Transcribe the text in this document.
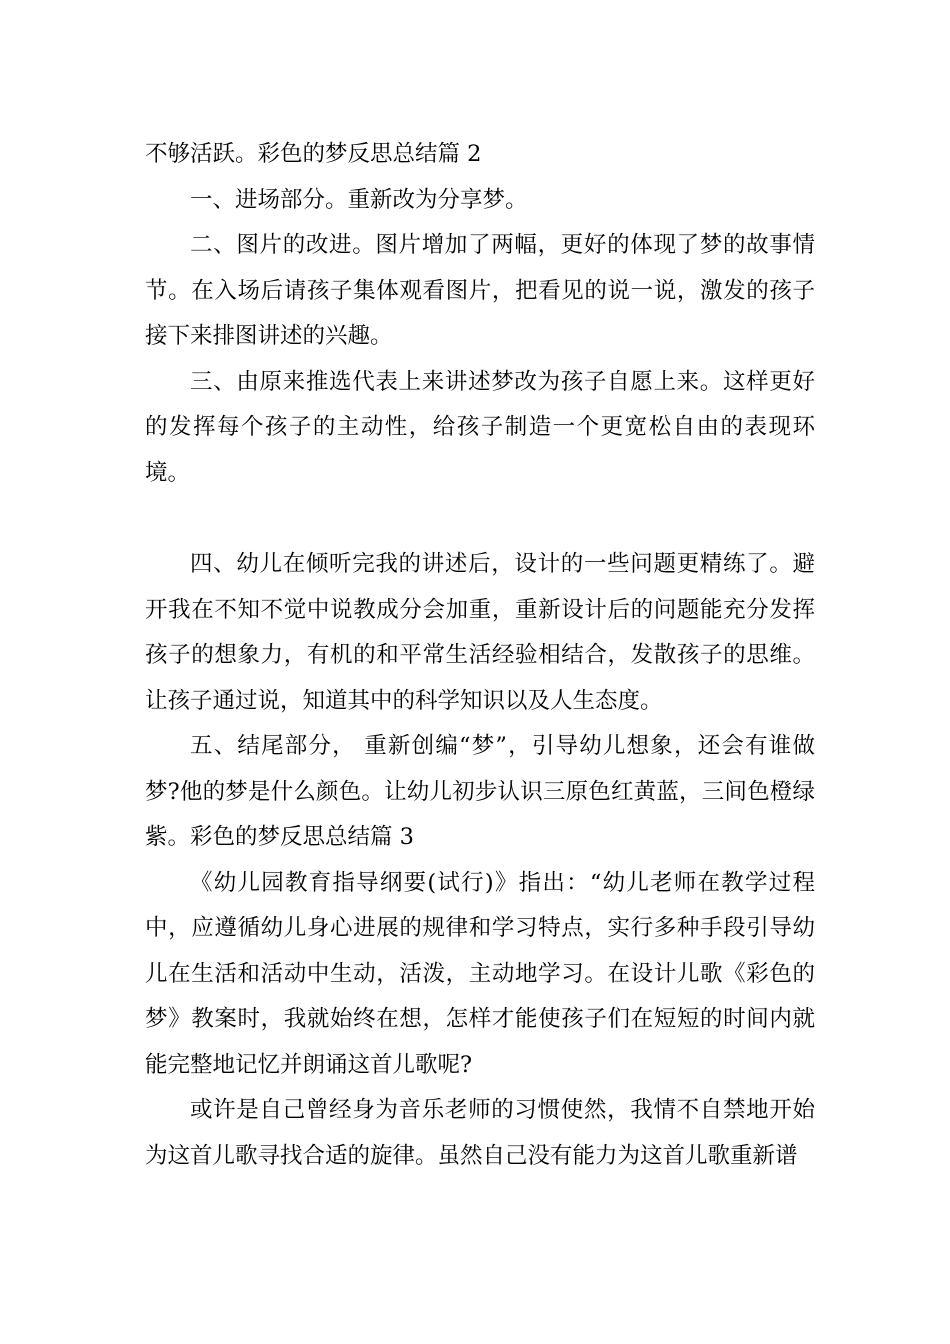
不够活跃。彩色的梦反思总结篇 2

一、进场部分。重新改为分享梦。

二、图片的改进。图片增加了两幅，更好的体现了梦的故事情节。在入场后请孩子集体观看图片，把看见的说一说，激发的孩子接下来排图讲述的兴趣。

三、由原来推选代表上来讲述梦改为孩子自愿上来。这样更好的发挥每个孩子的主动性，给孩子制造一个更宽松自由的表现环境。

四、幼儿在倾听完我的讲述后，设计的一些问题更精练了。避开我在不知不觉中说教成分会加重，重新设计后的问题能充分发挥孩子的想象力，有机的和平常生活经验相结合，发散孩子的思维。让孩子通过说，知道其中的科学知识以及人生态度。

五、结尾部分， 重新创编“梦”，引导幼儿想象，还会有谁做梦?他的梦是什么颜色。让幼儿初步认识三原色红黄蓝，三间色橙绿紫。彩色的梦反思总结篇 3

《幼儿园教育指导纲要(试行)》指出：“幼儿老师在教学过程中，应遵循幼儿身心进展的规律和学习特点，实行多种手段引导幼儿在生活和活动中生动，活泼，主动地学习。在设计儿歌《彩色的梦》教案时，我就始终在想，怎样才能使孩子们在短短的时间内就能完整地记忆并朗诵这首儿歌呢?

或许是自己曾经身为音乐老师的习惯使然，我情不自禁地开始为这首儿歌寻找合适的旋律。虽然自己没有能力为这首儿歌重新谱
